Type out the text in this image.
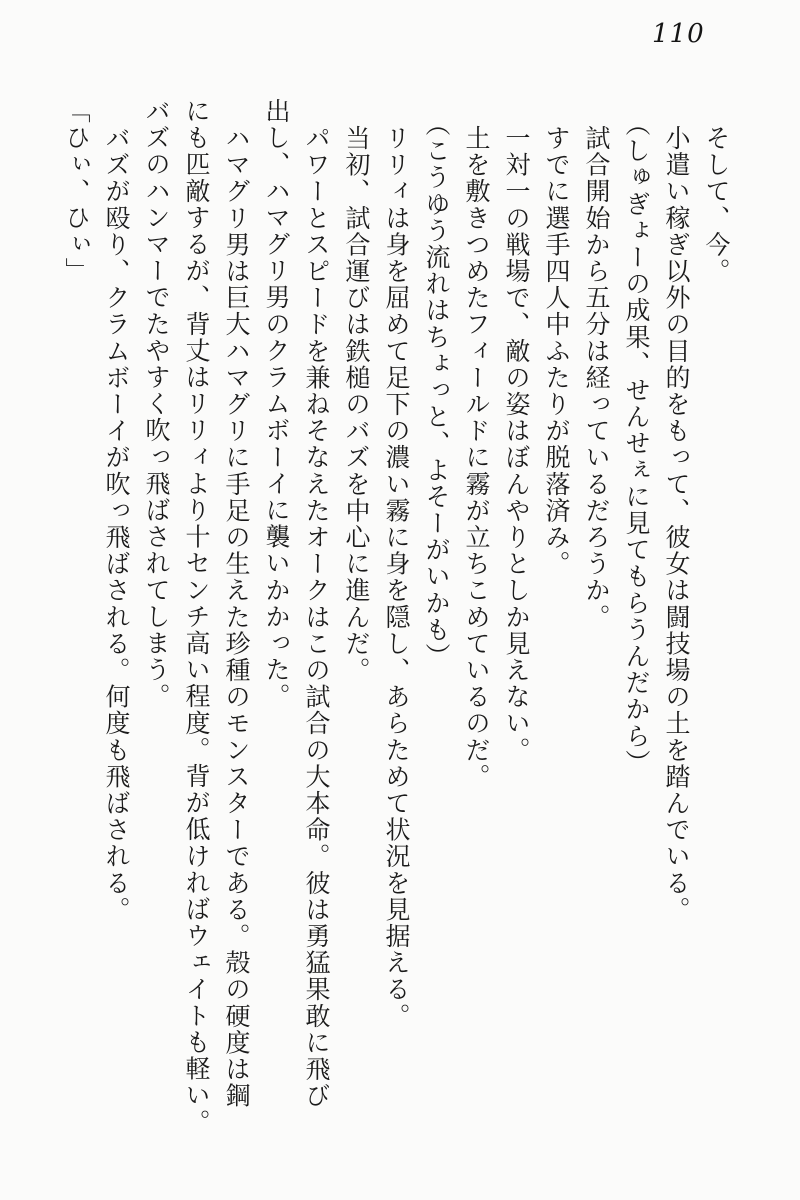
110
そして、今。
小遣い稼ぎ以外の目的をもって、彼女は闘技場の土を踏んでいる。
（しゅぎょーの成果、せんせぇに見てもらうんだから）
試合開始から五分は経っているだろうか。
すでに選手四人中ふたりが脱落済み。
一対一の戦場で、敵の姿はぼんやりとしか見えない。
土を敷きつめたフィールドに霧が立ちこめているのだ。
（こうゆう流れはちょっと、よそーがいかも）
リリィは身を屈めて足下の濃い霧に身を隠し、あらためて状況を見据える。
当初、試合運びは鉄槌のバズを中心に進んだ。
パワーとスピードを兼ねそなえたオークはこの試合の大本命。彼は勇猛果敢に飛び
出し、ハマグリ男のクラムボーイに襲いかかった。
ハマグリ男は巨大ハマグリに手足の生えた珍種のモンスターである。殻の硬度は鋼
にも匹敵するが、背丈はリリィより十センチ高い程度。背が低ければウェイトも軽い。
バズのハンマーでたやすく吹っ飛ばされてしまう。
バズが殴り、クラムボーイが吹っ飛ばされる。何度も飛ばされる。
「ひぃ、ひぃ」
